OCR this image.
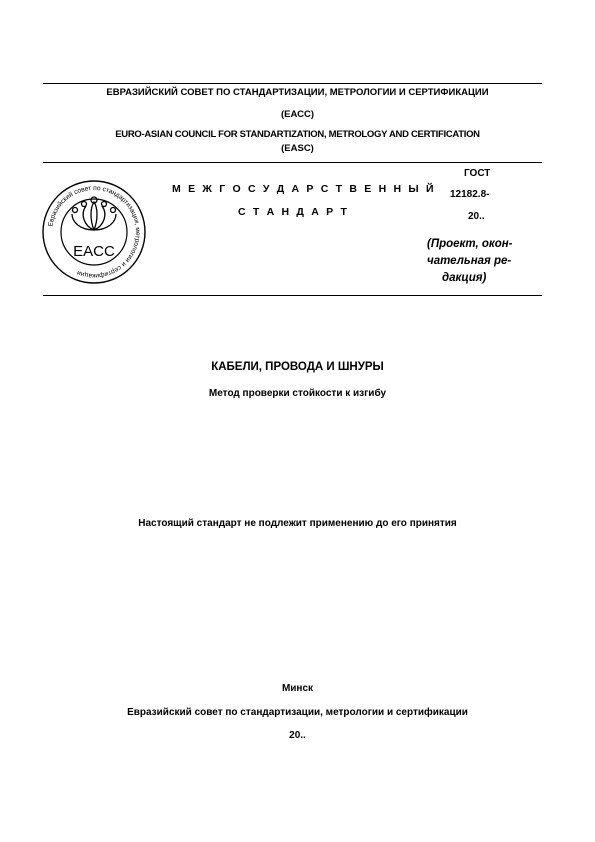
ЕВРАЗИЙСКИЙ СОВЕТ ПО СТАНДАРТИЗАЦИИ, МЕТРОЛОГИИ И СЕРТИФИКАЦИИ
(ЕАСС)
EURO-ASIAN COUNCIL FOR STANDARTIZATION, METROLOGY AND CERTIFICATION
(EASC)
Евразийский совет по стандартизации, метрологии и сертификации
EACC
М Е Ж Г О С У Д А Р С Т В Е Н Н Ы Й
С Т А Н Д А Р Т
ГОСТ
12182.8-
20..
(Проект, окон-
чательная ре-
дакция)
КАБЕЛИ, ПРОВОДА И ШНУРЫ
Метод проверки стойкости к изгибу
Настоящий стандарт не подлежит применению до его принятия
Минск
Евразийский совет по стандартизации, метрологии и сертификации
20..
